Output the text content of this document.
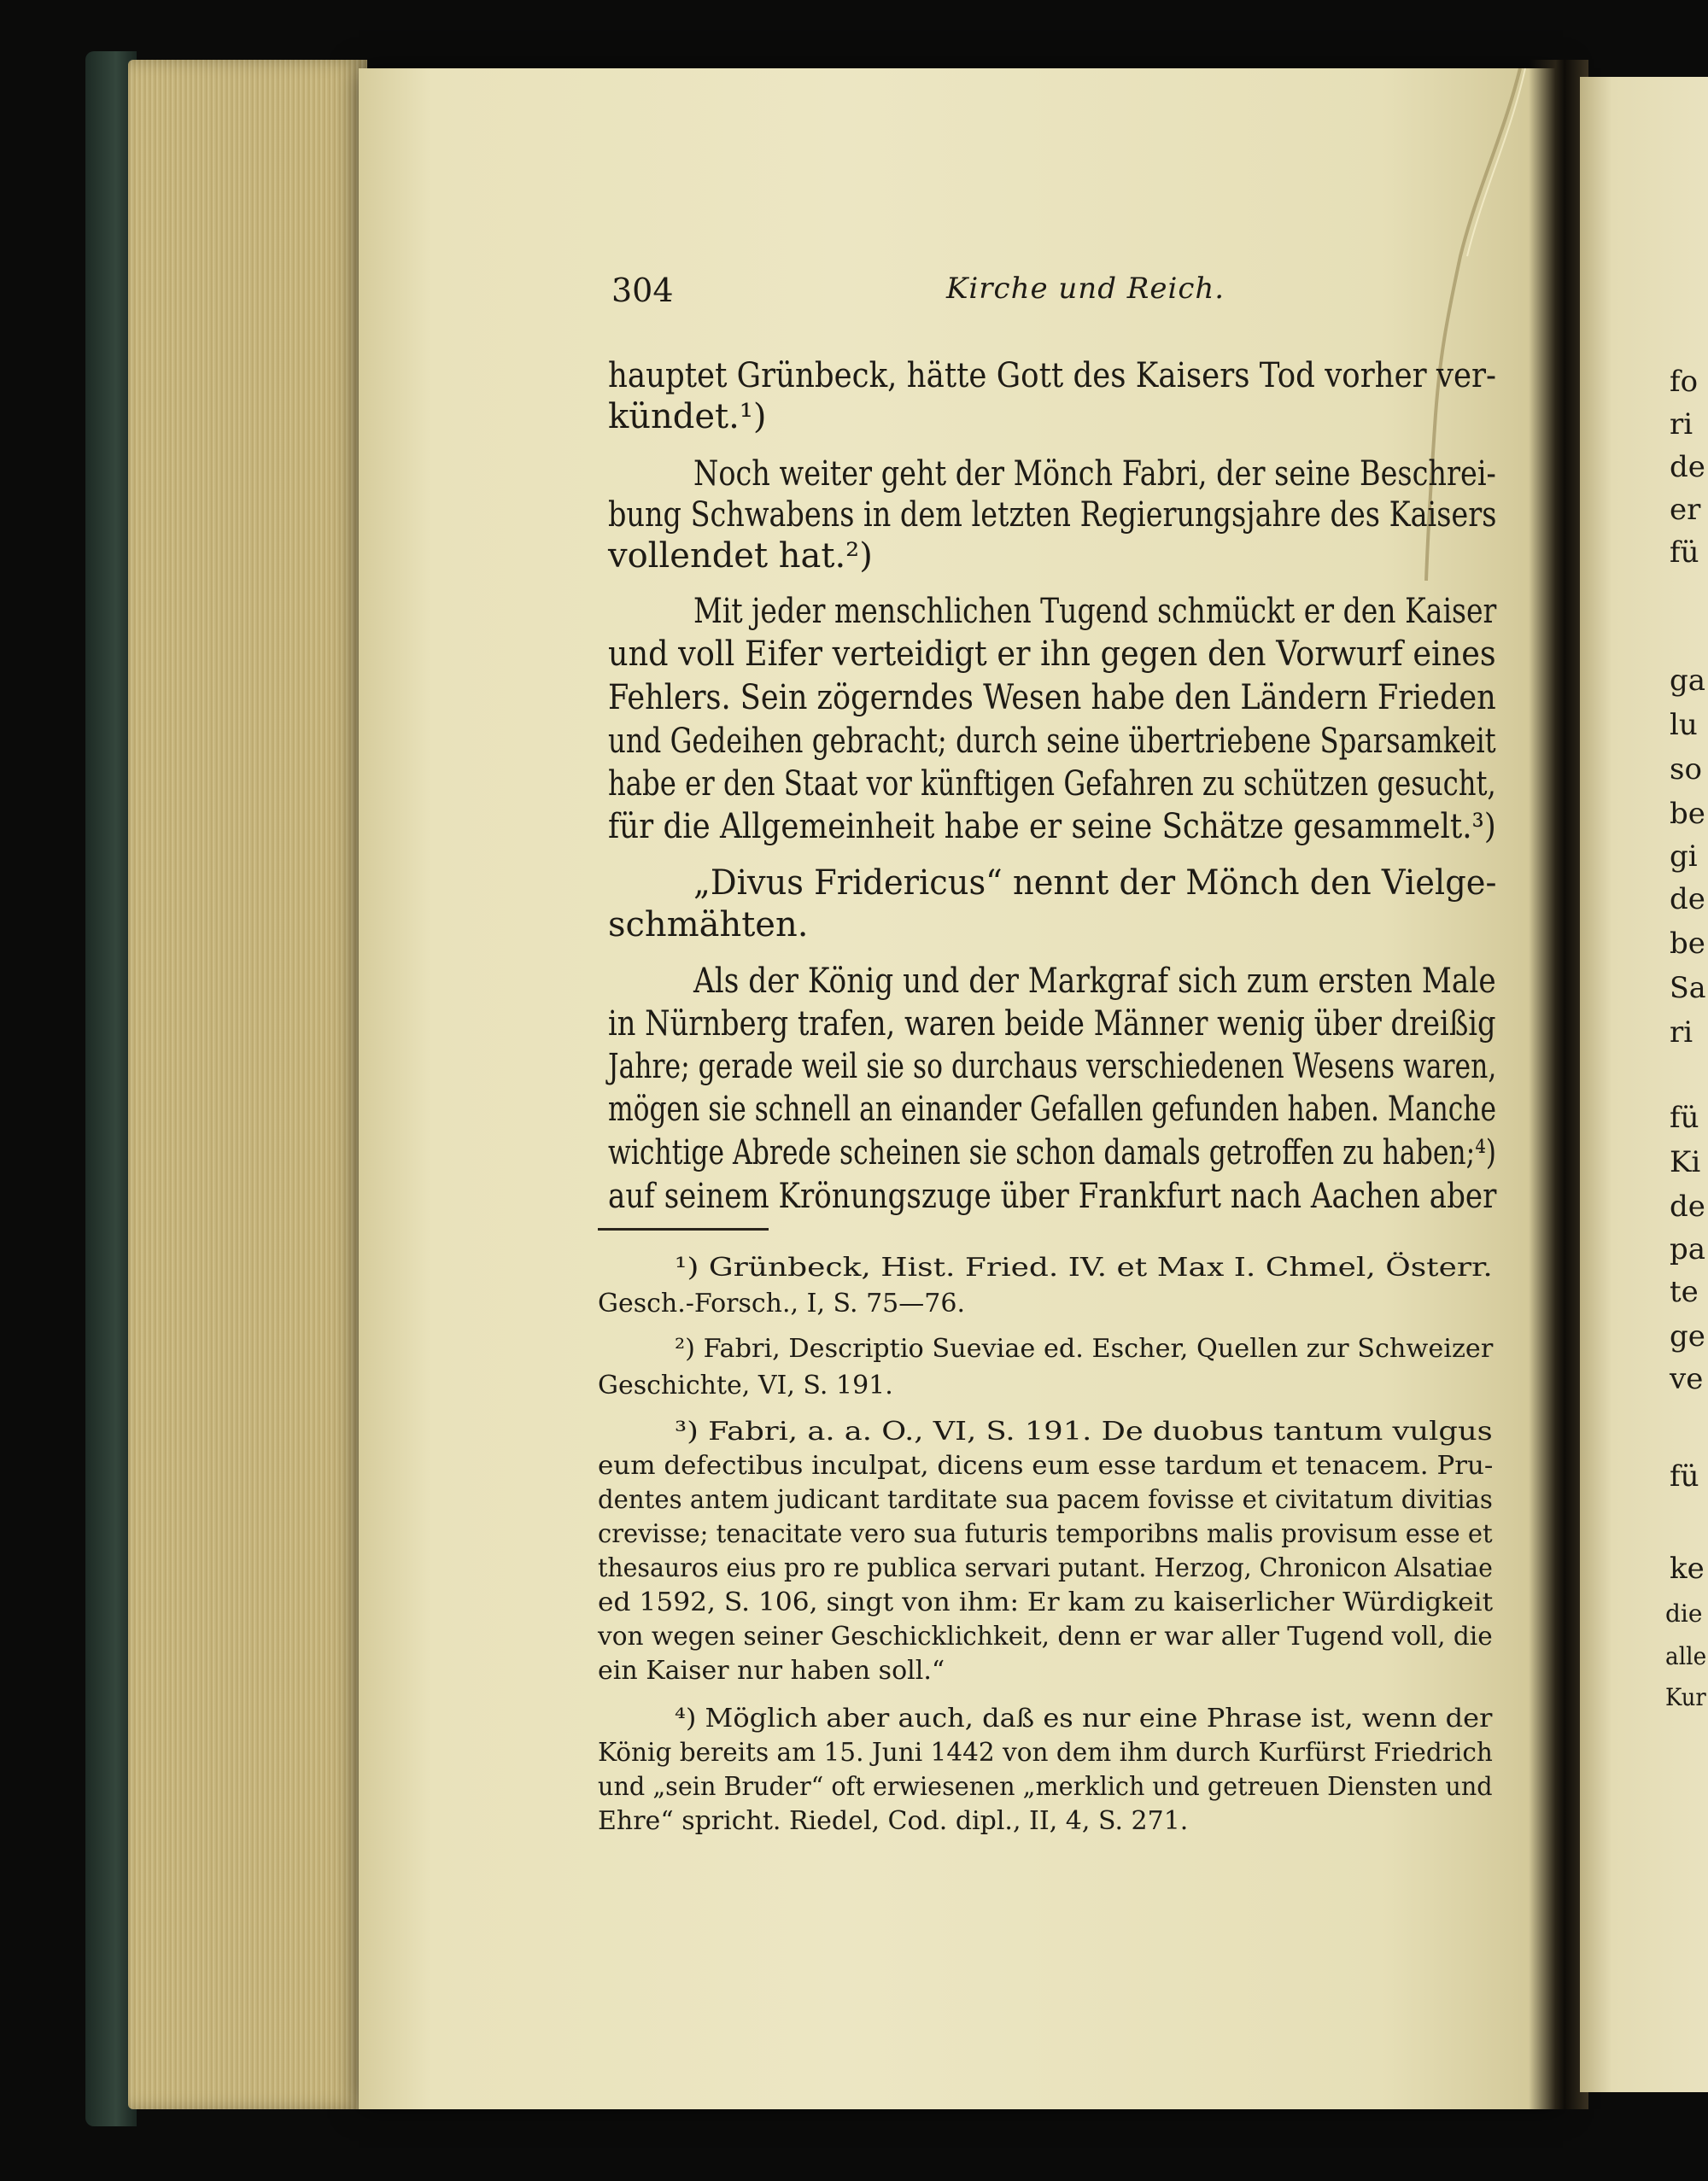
304	Kirche und Reich.
hauptet Grünbeck, hätte Gott des Kaisers Tod vorher ver-
kündet.¹)
Noch weiter geht der Mönch Fabri, der seine Beschrei-
bung Schwabens in dem letzten Regierungsjahre des Kaisers
vollendet hat.²)
Mit jeder menschlichen Tugend schmückt er den Kaiser
und voll Eifer verteidigt er ihn gegen den Vorwurf eines
Fehlers. Sein zögerndes Wesen habe den Ländern Frieden
und Gedeihen gebracht; durch seine übertriebene Sparsamkeit
habe er den Staat vor künftigen Gefahren zu schützen gesucht,
für die Allgemeinheit habe er seine Schätze gesammelt.³)
„Divus Fridericus“ nennt der Mönch den Vielge-
schmähten.
Als der König und der Markgraf sich zum ersten Male
in Nürnberg trafen, waren beide Männer wenig über dreißig
Jahre; gerade weil sie so durchaus verschiedenen Wesens waren,
mögen sie schnell an einander Gefallen gefunden haben. Manche
wichtige Abrede scheinen sie schon damals getroffen zu haben;⁴)
auf seinem Krönungszuge über Frankfurt nach Aachen aber
¹) Grünbeck, Hist. Fried. IV. et Max I. Chmel, Österr.
Gesch.-Forsch., I, S. 75—76.
²) Fabri, Descriptio Sueviae ed. Escher, Quellen zur Schweizer
Geschichte, VI, S. 191.
³) Fabri, a. a. O., VI, S. 191. De duobus tantum vulgus
eum defectibus inculpat, dicens eum esse tardum et tenacem. Pru-
dentes antem judicant tarditate sua pacem fovisse et civitatum divitias
crevisse; tenacitate vero sua futuris temporibns malis provisum esse et
thesauros eius pro re publica servari putant. Herzog, Chronicon Alsatiae
ed 1592, S. 106, singt von ihm: Er kam zu kaiserlicher Würdigkeit
von wegen seiner Geschicklichkeit, denn er war aller Tugend voll, die
ein Kaiser nur haben soll.“
⁴) Möglich aber auch, daß es nur eine Phrase ist, wenn der
König bereits am 15. Juni 1442 von dem ihm durch Kurfürst Friedrich
und „sein Bruder“ oft erwiesenen „merklich und getreuen Diensten und
Ehre“ spricht. Riedel, Cod. dipl., II, 4, S. 271.
fo
ri
de
er
fü
ga
lu
so
be
gi
de
be
Sa
ri
fü
Ki
de
pa
te
ge
ve
fü
ke
die
alle
Kur
